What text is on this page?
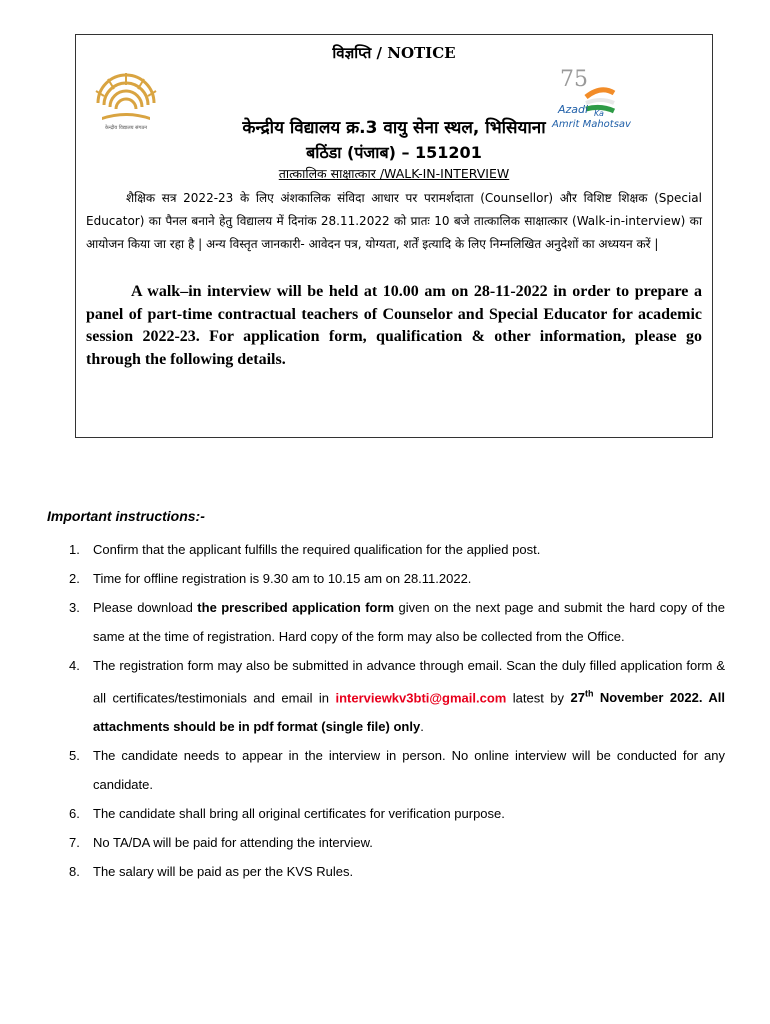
विज्ञप्ति / NOTICE
केन्द्रीय विद्यालय संगठन
75
Azadi Ka
Amrit Mahotsav
केन्द्रीय विद्यालय क्र.3 वायु सेना स्थल, भिसियाना
बठिंडा (पंजाब) – 151201
तात्कालिक साक्षात्कार /WALK-IN-INTERVIEW
शैक्षिक सत्र 2022-23 के लिए अंशकालिक संविदा आधार पर परामर्शदाता (Counsellor) और विशिष्ट शिक्षक (Special Educator) का पैनल बनाने हेतु विद्यालय में दिनांक 28.11.2022 को प्रातः 10 बजे तात्कालिक साक्षात्कार (Walk-in-interview) का आयोजन किया जा रहा है | अन्य विस्तृत जानकारी- आवेदन पत्र, योग्यता, शर्तें इत्यादि के लिए निम्नलिखित अनुदेशों का अध्ययन करें |
A walk–in interview will be held at 10.00 am on 28-11-2022 in order to prepare a panel of part-time contractual teachers of Counselor and Special Educator for academic session 2022-23. For application form, qualification & other information, please go through the following details.
Important instructions:-
1. Confirm that the applicant fulfills the required qualification for the applied post.
2. Time for offline registration is 9.30 am to 10.15 am on 28.11.2022.
3. Please download the prescribed application form given on the next page and submit the hard copy of the same at the time of registration. Hard copy of the form may also be collected from the Office.
4. The registration form may also be submitted in advance through email. Scan the duly filled application form & all certificates/testimonials and email in interviewkv3bti@gmail.com latest by 27th November 2022. All attachments should be in pdf format (single file) only.
5. The candidate needs to appear in the interview in person. No online interview will be conducted for any candidate.
6. The candidate shall bring all original certificates for verification purpose.
7. No TA/DA will be paid for attending the interview.
8. The salary will be paid as per the KVS Rules.
